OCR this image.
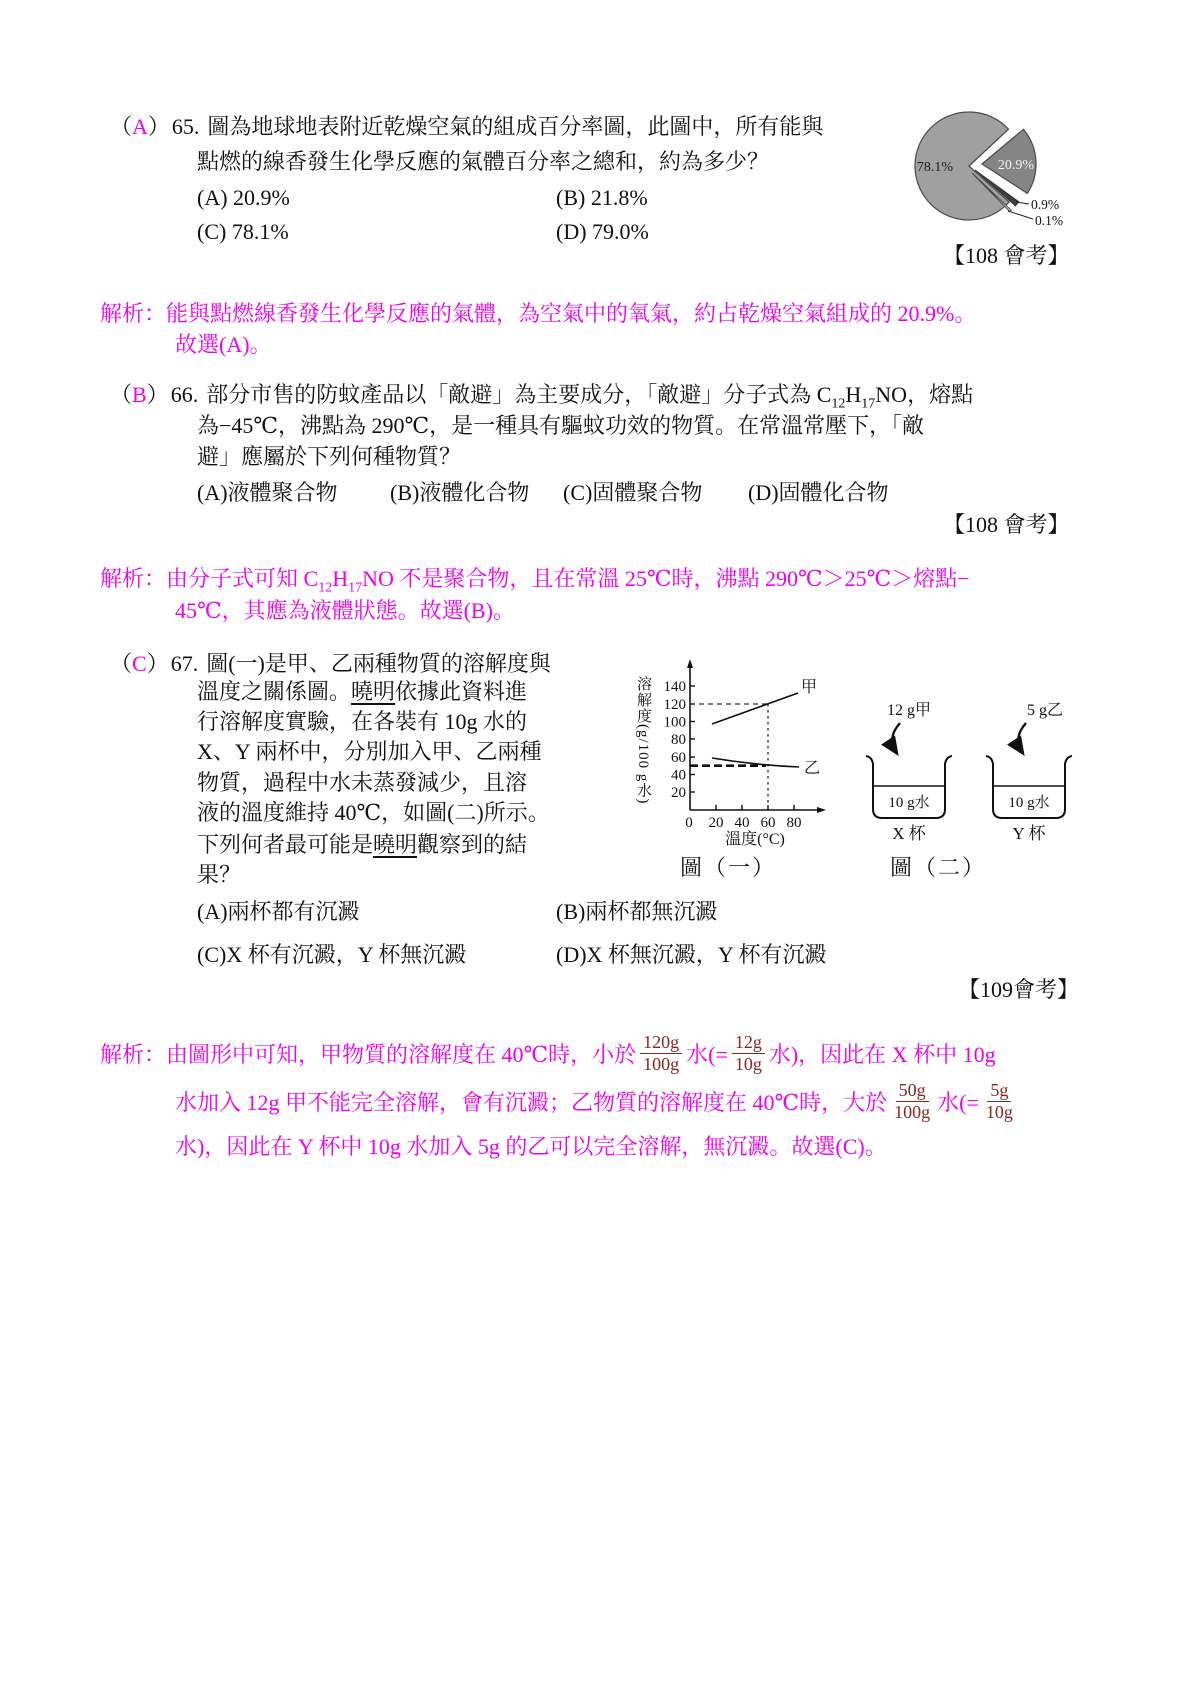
（A）65. 圖為地球地表附近乾燥空氣的組成百分率圖，此圖中，所有能與
點燃的線香發生化學反應的氣體百分率之總和，約為多少？
(A) 20.9%	(B) 21.8%
(C) 78.1%	(D) 79.0%
78.1%	20.9%
0.9%
0.1%
【108 會考】
解析：能與點燃線香發生化學反應的氣體，為空氣中的氧氣，約占乾燥空氣組成的 20.9%。
故選(A)。
（B）66. 部分市售的防蚊產品以「敵避」為主要成分，「敵避」分子式為 $C_{12}H_{17}NO$，熔點
為−45℃，沸點為 290℃，是一種具有驅蚊功效的物質。在常溫常壓下，「敵
避」應屬於下列何種物質？
(A)液體聚合物 (B)液體化合物 (C)固體聚合物 (D)固體化合物
【108 會考】
解析：由分子式可知 $C_{12}H_{17}NO$ 不是聚合物，且在常溫 25℃時，沸點 290℃＞25℃＞熔點−
45℃，其應為液體狀態。故選(B)。
（C）67. 圖(一)是甲、乙兩種物質的溶解度與
溫度之關係圖。曉明依據此資料進
行溶解度實驗，在各裝有 10g 水的
X、Y 兩杯中，分別加入甲、乙兩種
物質，過程中水未蒸發減少，且溶
液的溫度維持 40℃，如圖(二)所示。
下列何者最可能是曉明觀察到的結
果？
140
120
100
80
60
40
20
0 20 40 60 80
甲
乙
溶解度(g/100 g水)
溫度(°C)
圖（一）
12 g甲	5 g乙
10 g水
X 杯
10 g水
Y 杯
圖（二）
(A)兩杯都有沉澱	(B)兩杯都無沉澱
(C)X 杯有沉澱，Y 杯無沉澱	(D)X 杯無沉澱，Y 杯有沉澱
【109會考】
解析：由圖形中可知，甲物質的溶解度在 40℃時，小於 $\frac{120g}{100g}$ 水(= $\frac{12g}{10g}$ 水)，因此在 X 杯中 10g
水加入 12g 甲不能完全溶解，會有沉澱；乙物質的溶解度在 40℃時，大於 $\frac{50g}{100g}$ 水(= $\frac{5g}{10g}$
水)，因此在 Y 杯中 10g 水加入 5g 的乙可以完全溶解，無沉澱。故選(C)。
